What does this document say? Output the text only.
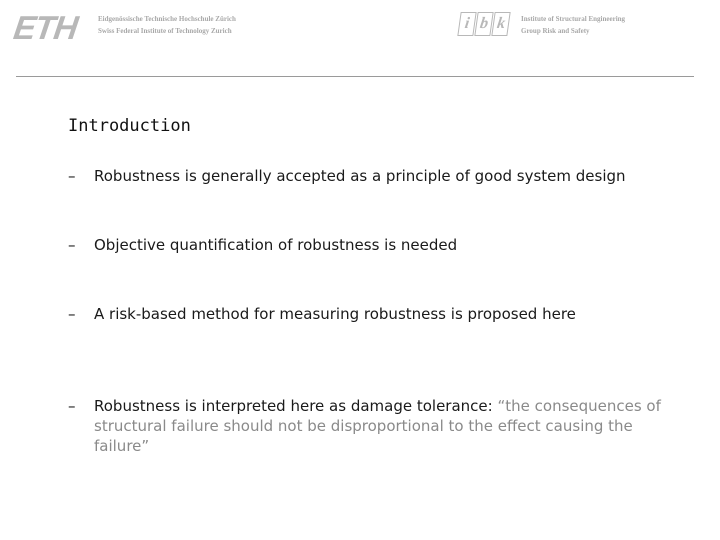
ETH	Eidgenössische Technische Hochschule Zürich
Swiss Federal Institute of Technology Zurich	i b k	Institute of Structural Engineering
Group Risk and Safety
Introduction
– Robustness is generally accepted as a principle of good system design
– Objective quantification of robustness is needed
– A risk-based method for measuring robustness is proposed here
– Robustness is interpreted here as damage tolerance: “the consequences of structural failure should not be disproportional to the effect causing the failure”
